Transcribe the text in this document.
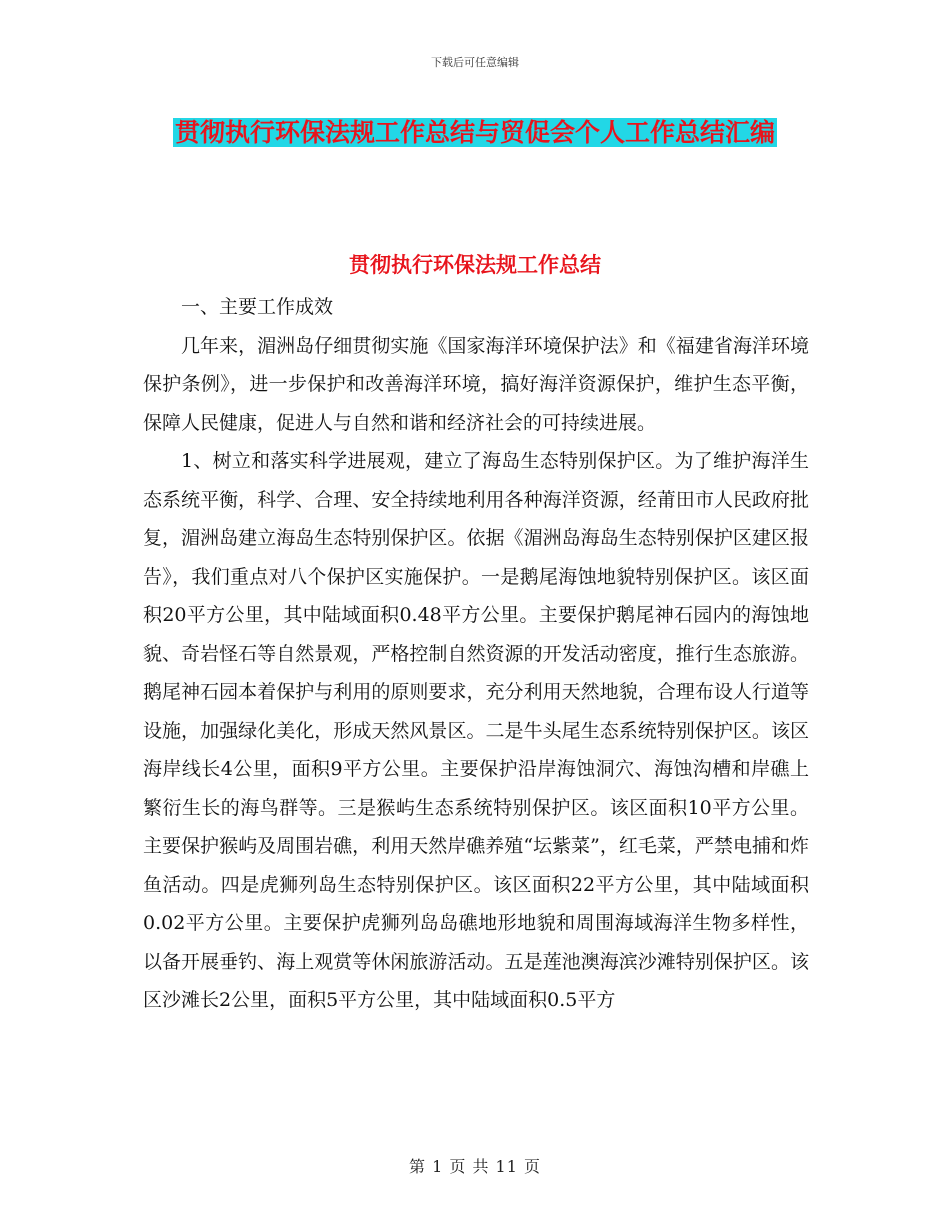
下载后可任意编辑
贯彻执行环保法规工作总结与贸促会个人工作总结汇编
贯彻执行环保法规工作总结

一、主要工作成效

几年来，湄洲岛仔细贯彻实施《国家海洋环境保护法》和《福建省海洋环境保护条例》，进一步保护和改善海洋环境，搞好海洋资源保护，维护生态平衡，保障人民健康，促进人与自然和谐和经济社会的可持续进展。

1、树立和落实科学进展观，建立了海岛生态特别保护区。为了维护海洋生态系统平衡，科学、合理、安全持续地利用各种海洋资源，经莆田市人民政府批复，湄洲岛建立海岛生态特别保护区。依据《湄洲岛海岛生态特别保护区建区报告》，我们重点对八个保护区实施保护。一是鹅尾海蚀地貌特别保护区。该区面积20平方公里，其中陆域面积0.48平方公里。主要保护鹅尾神石园内的海蚀地貌、奇岩怪石等自然景观，严格控制自然资源的开发活动密度，推行生态旅游。鹅尾神石园本着保护与利用的原则要求，充分利用天然地貌，合理布设人行道等设施，加强绿化美化，形成天然风景区。二是牛头尾生态系统特别保护区。该区海岸线长4公里，面积9平方公里。主要保护沿岸海蚀洞穴、海蚀沟槽和岸礁上繁衍生长的海鸟群等。三是猴屿生态系统特别保护区。该区面积10平方公里。主要保护猴屿及周围岩礁，利用天然岸礁养殖“坛紫菜”，红毛菜，严禁电捕和炸鱼活动。四是虎狮列岛生态特别保护区。该区面积22平方公里，其中陆域面积0.02平方公里。主要保护虎狮列岛岛礁地形地貌和周围海域海洋生物多样性，以备开展垂钓、海上观赏等休闲旅游活动。五是莲池澳海滨沙滩特别保护区。该区沙滩长2公里，面积5平方公里，其中陆域面积0.5平方

第 1 页 共 11 页
